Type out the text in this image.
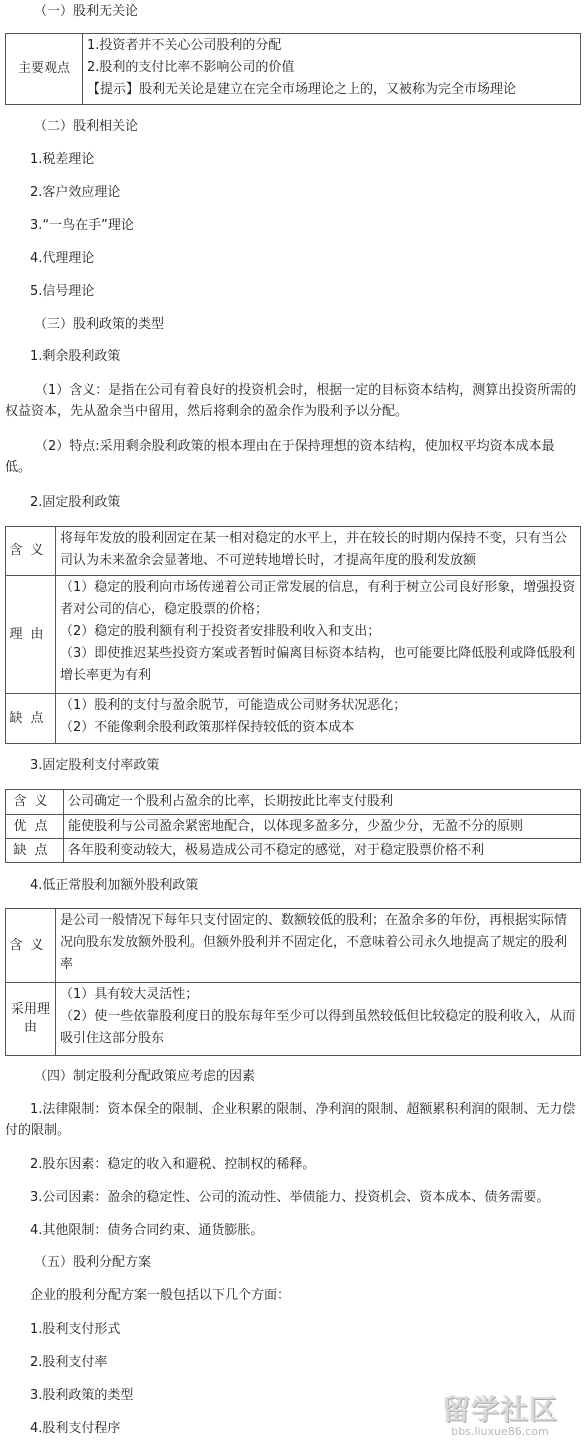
（一）股利无关论
主要观点
1.投资者并不关心公司股利的分配
2.股利的支付比率不影响公司的价值
【提示】股利无关论是建立在完全市场理论之上的，又被称为完全市场理论
（二）股利相关论
1.税差理论
2.客户效应理论
3.“一鸟在手”理论
4.代理理论
5.信号理论
（三）股利政策的类型
1.剩余股利政策
（1）含义：是指在公司有着良好的投资机会时，根据一定的目标资本结构，测算出投资所需的权益资本，先从盈余当中留用，然后将剩余的盈余作为股利予以分配。
（2）特点:采用剩余股利政策的根本理由在于保持理想的资本结构，使加权平均资本成本最低。
2.固定股利政策
含义
将每年发放的股利固定在某一相对稳定的水平上，并在较长的时期内保持不变，只有当公司认为未来盈余会显著地、不可逆转地增长时，才提高年度的股利发放额
理由
（1）稳定的股利向市场传递着公司正常发展的信息，有利于树立公司良好形象，增强投资者对公司的信心，稳定股票的价格；
（2）稳定的股利额有利于投资者安排股利收入和支出；
（3）即使推迟某些投资方案或者暂时偏离目标资本结构，也可能要比降低股利或降低股利增长率更为有利
缺点
（1）股利的支付与盈余脱节，可能造成公司财务状况恶化；
（2）不能像剩余股利政策那样保持较低的资本成本
3.固定股利支付率政策
含义 公司确定一个股利占盈余的比率，长期按此比率支付股利
优点 能使股利与公司盈余紧密地配合，以体现多盈多分，少盈少分，无盈不分的原则
缺点 各年股利变动较大，极易造成公司不稳定的感觉，对于稳定股票价格不利
4.低正常股利加额外股利政策
含义
是公司一般情况下每年只支付固定的、数额较低的股利；在盈余多的年份，再根据实际情况向股东发放额外股利。但额外股利并不固定化，不意味着公司永久地提高了规定的股利率
采用理由
（1）具有较大灵活性；
（2）使一些依靠股利度日的股东每年至少可以得到虽然较低但比较稳定的股利收入，从而吸引住这部分股东
（四）制定股利分配政策应考虑的因素
1.法律限制：资本保全的限制、企业积累的限制、净利润的限制、超额累积利润的限制、无力偿付的限制。
2.股东因素：稳定的收入和避税、控制权的稀释。
3.公司因素：盈余的稳定性、公司的流动性、举债能力、投资机会、资本成本、债务需要。
4.其他限制：债务合同约束、通货膨胀。
（五）股利分配方案
企业的股利分配方案一般包括以下几个方面：
1.股利支付形式
2.股利支付率
3.股利政策的类型
4.股利支付程序
留学社区
bbs.liuxue86.com
